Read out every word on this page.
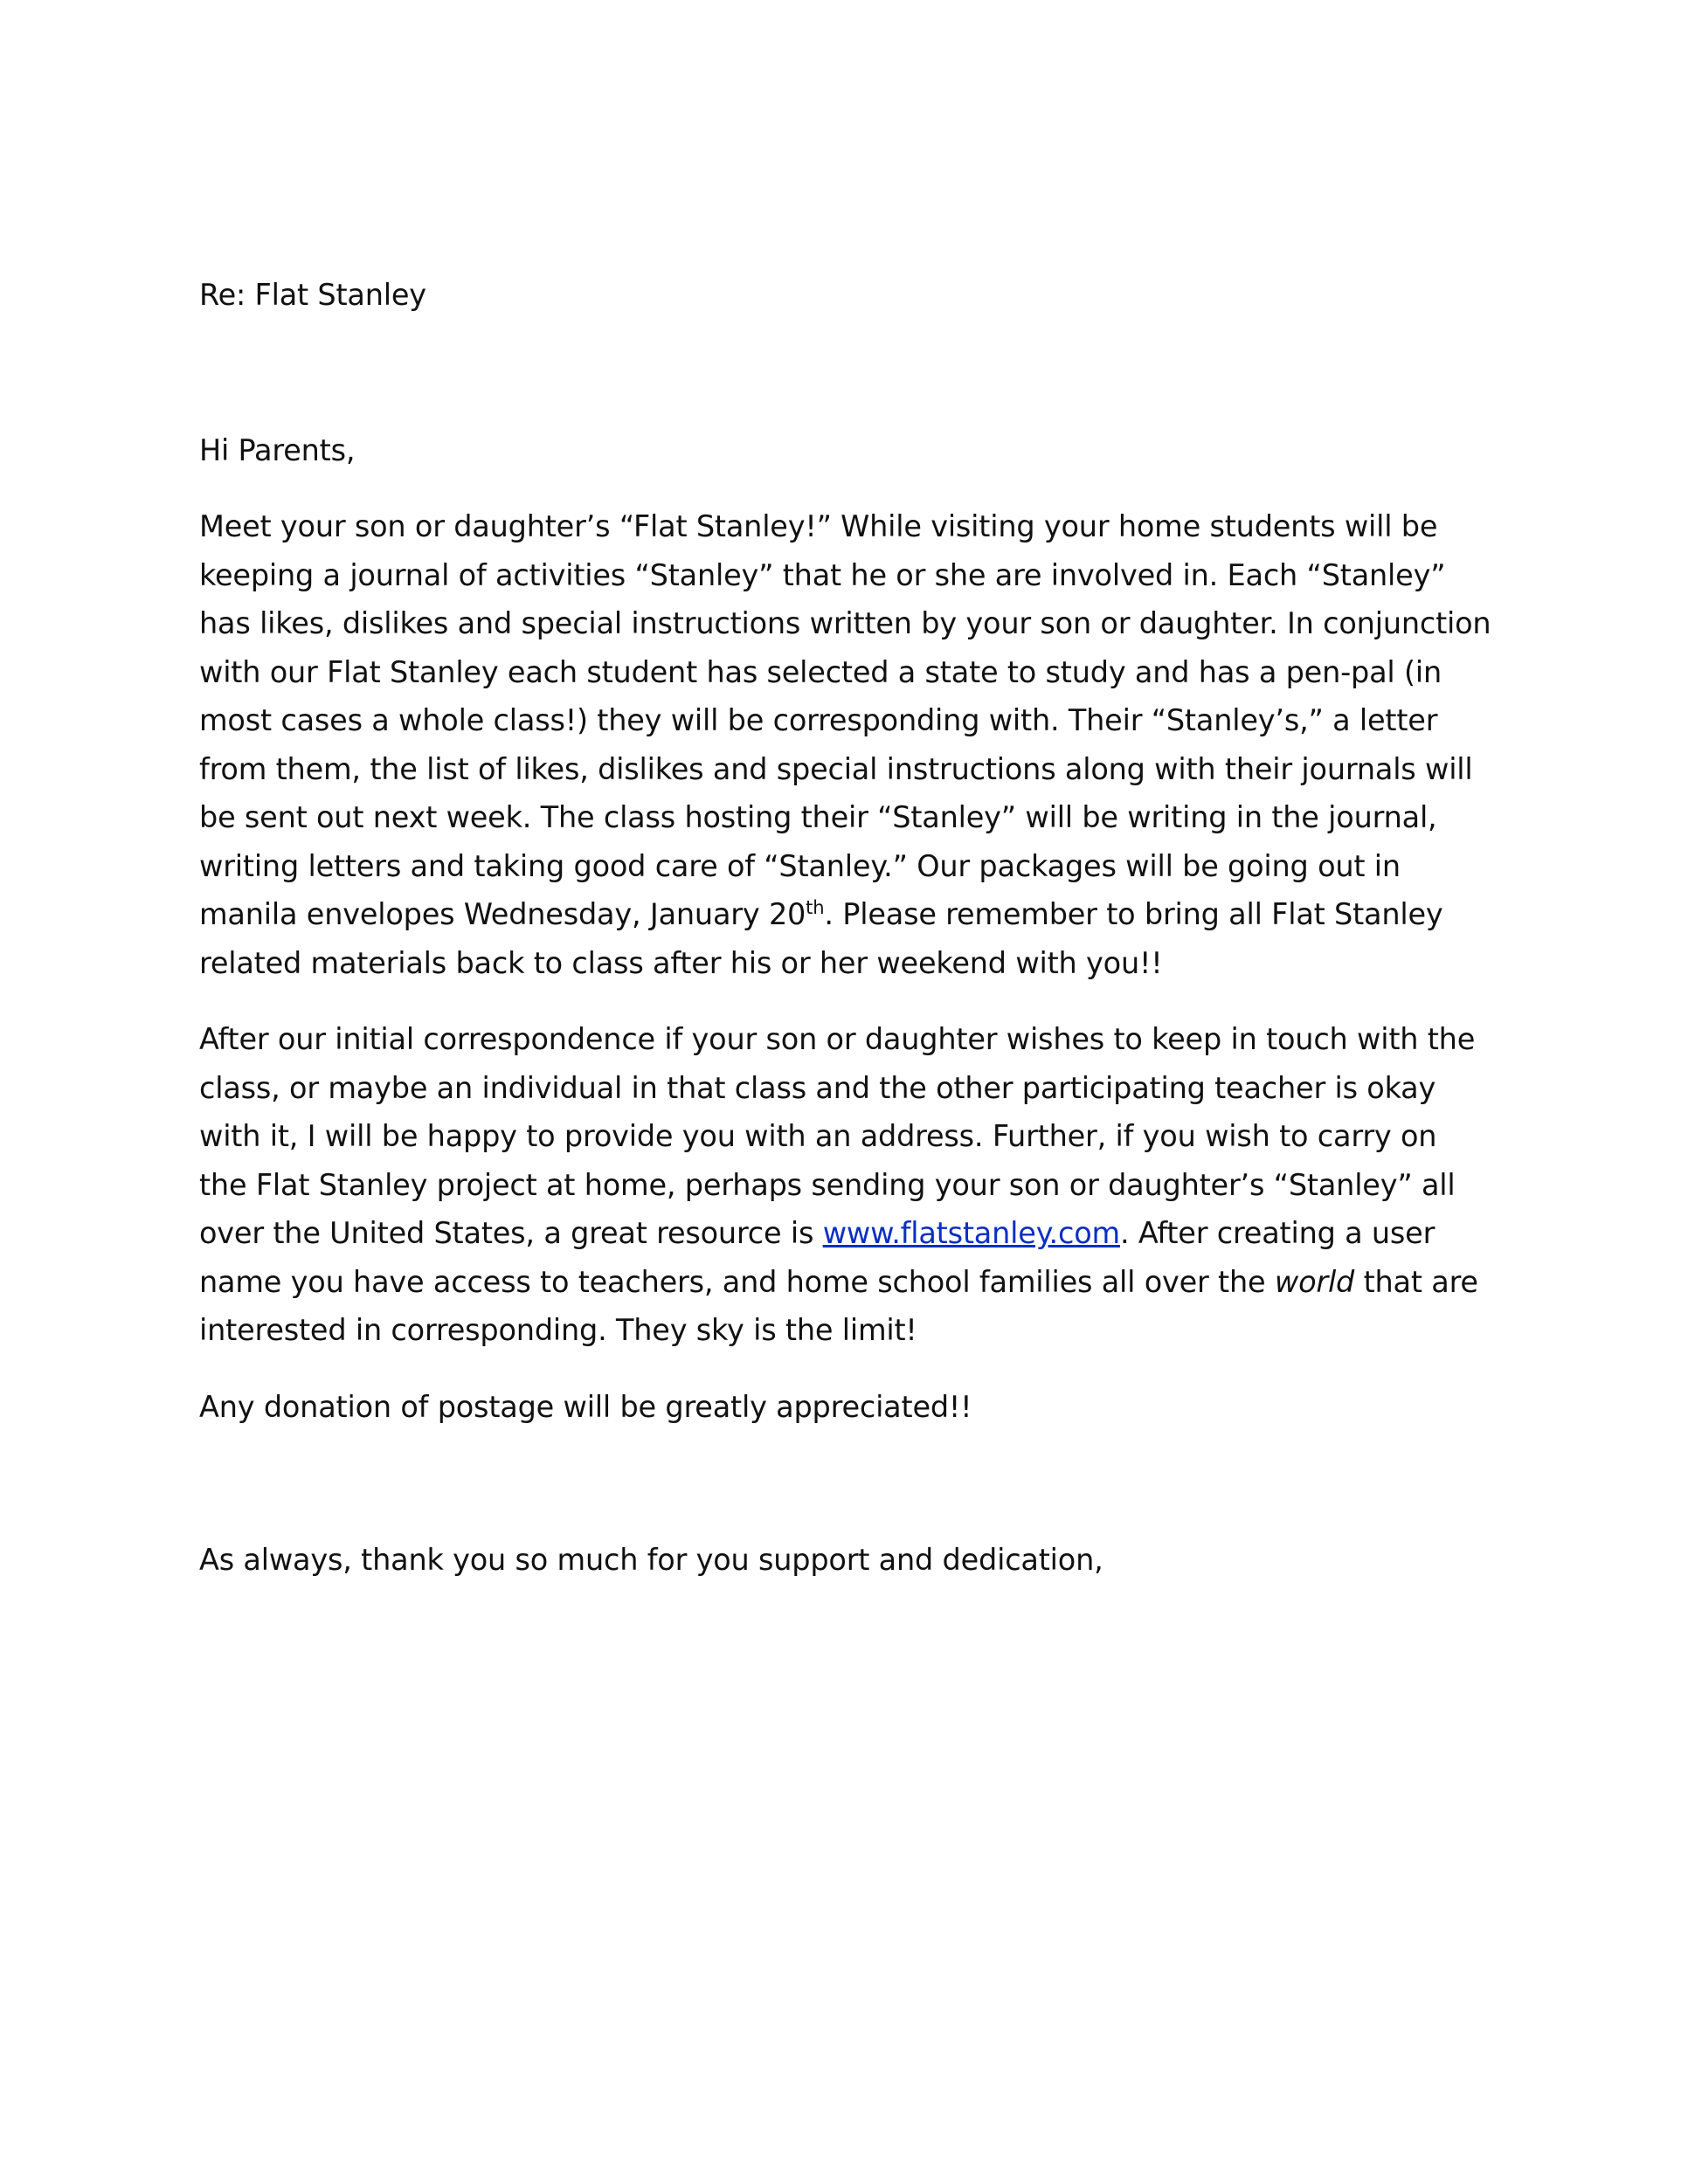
Re: Flat Stanley

Hi Parents,

Meet your son or daughter’s “Flat Stanley!” While visiting your home students will be keeping a journal of activities “Stanley” that he or she are involved in. Each “Stanley” has likes, dislikes and special instructions written by your son or daughter. In conjunction with our Flat Stanley each student has selected a state to study and has a pen-pal (in most cases a whole class!) they will be corresponding with. Their “Stanley’s,” a letter from them, the list of likes, dislikes and special instructions along with their journals will be sent out next week. The class hosting their “Stanley” will be writing in the journal, writing letters and taking good care of “Stanley.” Our packages will be going out in manila envelopes Wednesday, January 20th. Please remember to bring all Flat Stanley related materials back to class after his or her weekend with you!!

After our initial correspondence if your son or daughter wishes to keep in touch with the class, or maybe an individual in that class and the other participating teacher is okay with it, I will be happy to provide you with an address. Further, if you wish to carry on the Flat Stanley project at home, perhaps sending your son or daughter’s “Stanley” all over the United States, a great resource is www.flatstanley.com. After creating a user name you have access to teachers, and home school families all over the world that are interested in corresponding. They sky is the limit!

Any donation of postage will be greatly appreciated!!

As always, thank you so much for you support and dedication,
